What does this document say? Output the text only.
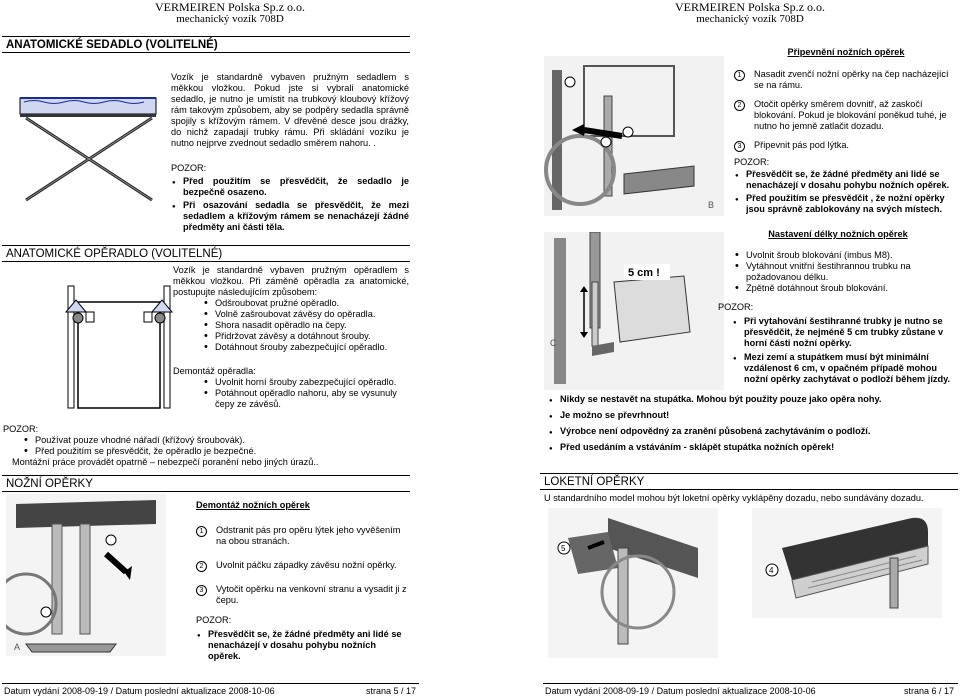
VERMEIREN Polska Sp.z o.o.
mechanický vozík 708D
VERMEIREN Polska Sp.z o.o.
mechanický vozík 708D
ANATOMICKÉ SEDADLO (VOLITELNÉ)

Vozík je standardně vybaven pružným sedadlem s měkkou vložkou. Pokud jste si vybrali anatomické sedadlo, je nutno je umístit na trubkový kloubový křížový rám takovým způsobem, aby se podpěry sedadla správně spojily s křížovým rámem. V dřevěné desce jsou drážky, do nichž zapadají trubky rámu. Při skládání vozíku je nutno nejprve zvednout sedadlo směrem nahoru. .

POZOR:

● Před použitím se přesvědčit, že sedadlo je bezpečně osazeno.
● Při osazování sedadla se přesvědčit, že mezi sedadlem a křížovým rámem se nenacházejí žádné předměty ani části těla.
ANATOMICKÉ OPĚRADLO (VOLITELNÉ)

Vozík je standardně vybaven pružným opěradlem s měkkou vložkou. Při záměně opěradla za anatomické, postupujte následujícím způsobem:

• Odšroubovat pružné opěradlo.
• Volně zašroubovat závěsy do opěradla.
• Shora nasadit opěradlo na čepy.
• Přidržovat závěsy a dotáhnout šrouby.
• Dotáhnout šrouby zabezpečující opěradlo.

Demontáž opěradla:

• Uvolnit horní šrouby zabezpečující opěradlo.
• Potáhnout opěradlo nahoru, aby se vysunuly čepy ze závěsů.

POZOR:

• Používat pouze vhodné nářadí (křížový šroubovák).
• Před použitím se přesvědčit, že opěradlo je bezpečné.

Montážní práce provádět opatrně – nebezpečí poranění nebo jiných úrazů..

NOŽNÍ OPĚRKY
A

Demontáž nožních opěrek

1	Odstranit pás pro opěru lýtek jeho vyvěšením na obou stranách.
2	Uvolnit páčku západky závěsu nožní opěrky.
3	Vytočit opěrku na venkovní stranu a vysadit ji z čepu.

POZOR:

● Přesvědčit se, že žádné předměty ani lidé se nenacházejí v dosahu pohybu nožních opěrek.
Datum vydání 2008-09-19 / Datum poslední aktualizace 2008-10-06	strana 5 / 17
B

Připevnění nožních opěrek

1	Nasadit zvenčí nožní opěrky na čep nacházející se na rámu.
2	Otočit opěrky směrem dovnitř, až zaskočí blokování. Pokud je blokování poněkud tuhé, je nutno ho jemně zatlačit dozadu.
3	Připevnit pás pod lýtka.

POZOR:

● Přesvědčit se, že žádné předměty ani lidé se nenacházejí v dosahu pohybu nožních opěrek.
● Před použitím se přesvědčit , že nožní opěrky jsou správně zablokovány na svých místech.
5 cm !
C

Nastavení délky nožních opěrek

• Uvolnit šroub blokování (imbus M8).
• Vytáhnout vnitřní šestihrannou trubku na požadovanou délku.
• Zpětně dotáhnout šroub blokování.

POZOR:

● Při vytahování šestihranné trubky je nutno se přesvědčit, že nejméně 5 cm trubky zůstane v horní části nožní opěrky.
● Mezi zemí a stupátkem musí být minimální vzdálenost 6 cm, v opačném případě mohou nožní opěrky zachytávat o podloží během jízdy.
● Nikdy se nestavět na stupátka. Mohou být použity pouze jako opěra nohy.
● Je možno se převrhnout!
● Výrobce není odpovědný za zranění působená zachytáváním o podloží.
● Před usedáním a vstáváním - sklápět stupátka nožních opěrek!
LOKETNÍ OPĚRKY
U standardního model mohou být loketní opěrky vyklápěny dozadu, nebo sundávány dozadu.
5
4
Datum vydání 2008-09-19 / Datum poslední aktualizace 2008-10-06	strana 6 / 17
